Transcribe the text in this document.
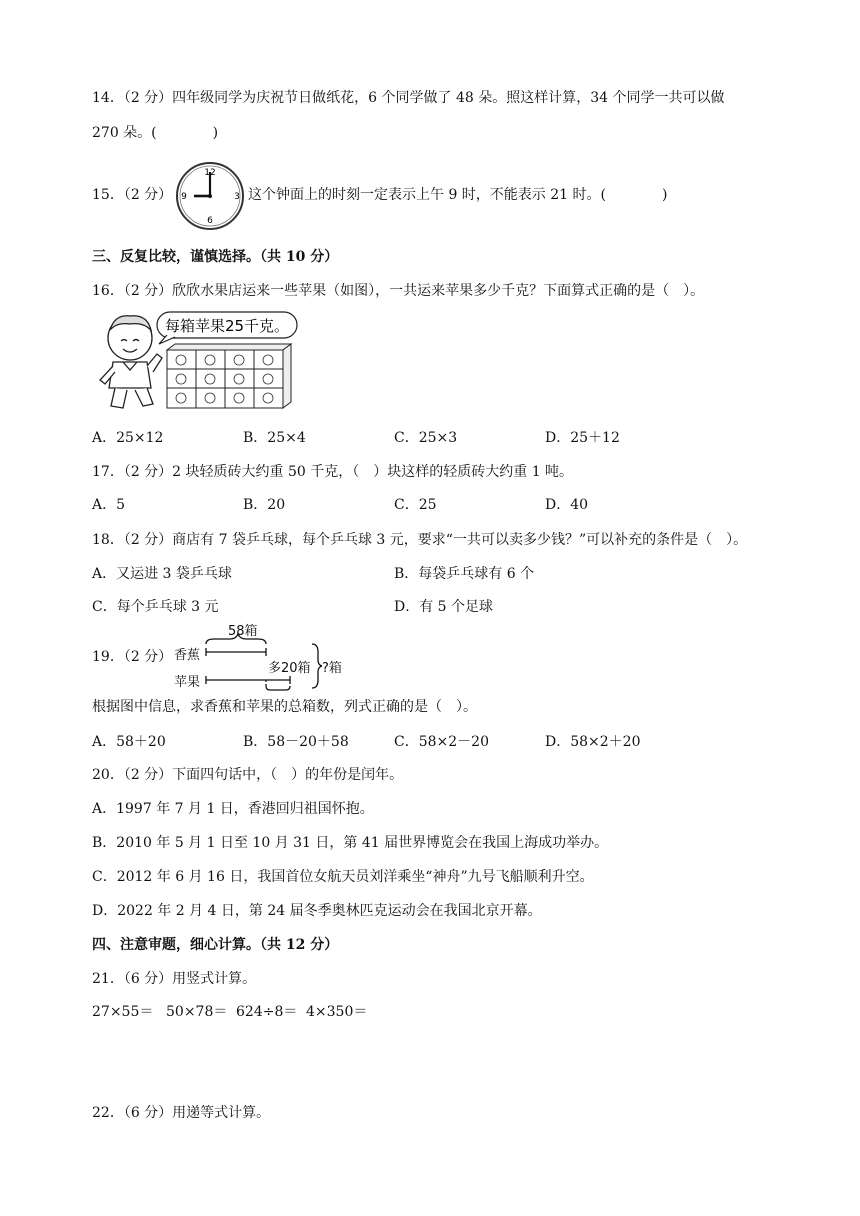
14．（2 分）四年级同学为庆祝节日做纸花，6 个同学做了 48 朵。照这样计算，34 个同学一共可以做
270 朵。(　　　　)
15．（2 分）
12
3
6
9	这个钟面上的时刻一定表示上午 9 时，不能表示 21 时。(　　　　)
三、反复比较，谨慎选择。（共 10 分）
16．（2 分）欣欣水果店运来一些苹果（如图），一共运来苹果多少千克？下面算式正确的是（　）。
每箱苹果25千克。
A．25×12	B．25×4	C．25×3	D．25＋12
17．（2 分）2 块轻质砖大约重 50 千克，（　）块这样的轻质砖大约重 1 吨。
A．5	B．20	C．25	D．40
18．（2 分）商店有 7 袋乒乓球，每个乒乓球 3 元，要求“一共可以卖多少钱？”可以补充的条件是（　）。
A．又运进 3 袋乒乓球	B．每袋乒乓球有 6 个
C．每个乒乓球 3 元	D．有 5 个足球
19．（2 分）
58箱
香蕉
苹果
多20箱 ?箱
根据图中信息，求香蕉和苹果的总箱数，列式正确的是（　）。
A．58＋20	B．58－20＋58	C．58×2－20	D．58×2＋20
20．（2 分）下面四句话中，（　）的年份是闰年。
A．1997 年 7 月 1 日，香港回归祖国怀抱。
B．2010 年 5 月 1 日至 10 月 31 日，第 41 届世界博览会在我国上海成功举办。
C．2012 年 6 月 16 日，我国首位女航天员刘洋乘坐“神舟”九号飞船顺利升空。
D．2022 年 2 月 4 日，第 24 届冬季奥林匹克运动会在我国北京开幕。
四、注意审题，细心计算。（共 12 分）
21．（6 分）用竖式计算。
27×55＝ 50×78＝ 624÷8＝ 4×350＝
22．（6 分）用递等式计算。
